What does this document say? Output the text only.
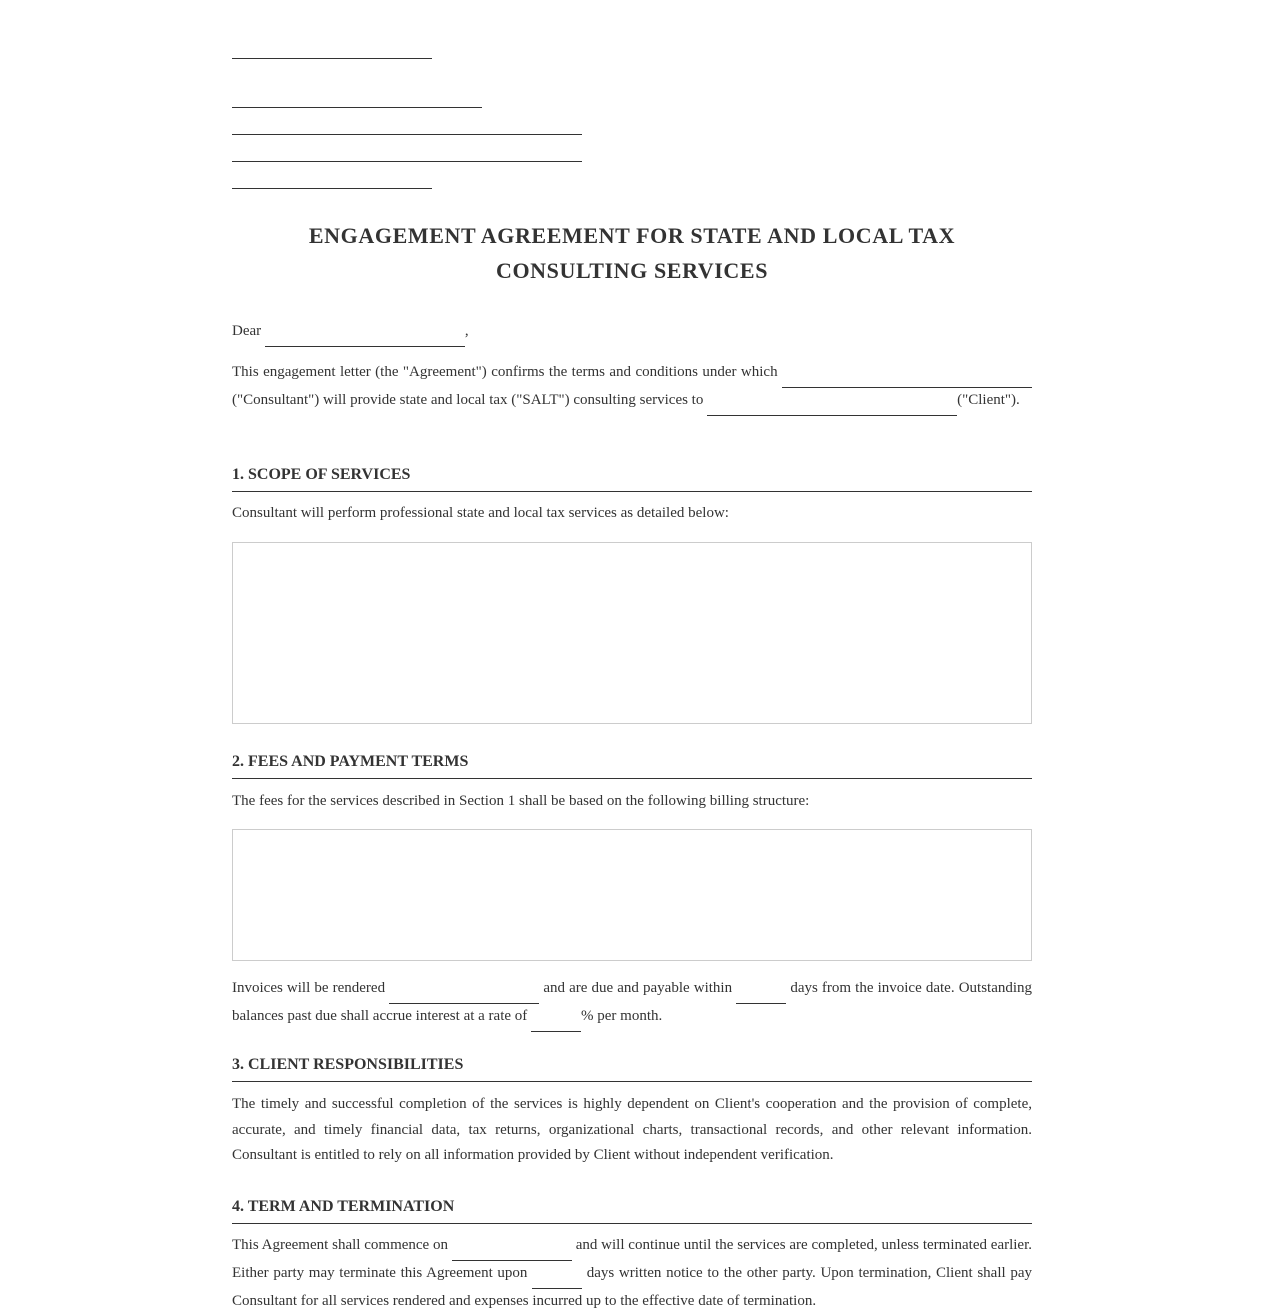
ENGAGEMENT AGREEMENT FOR STATE AND LOCAL TAX
CONSULTING SERVICES
Dear	,
This engagement letter (the "Agreement") confirms the terms and conditions under which  ("Consultant") will provide state and local tax ("SALT") consulting services to	("Client").
1. SCOPE OF SERVICES
Consultant will perform professional state and local tax services as detailed below:
2. FEES AND PAYMENT TERMS
The fees for the services described in Section 1 shall be based on the following billing structure:
Invoices will be rendered	and are due and payable within	days from the invoice date. Outstanding balances past due shall accrue interest at a rate of	% per month.
3. CLIENT RESPONSIBILITIES
The timely and successful completion of the services is highly dependent on Client's cooperation and the provision of complete, accurate, and timely financial data, tax returns, organizational charts, transactional records, and other relevant information. Consultant is entitled to rely on all information provided by Client without independent verification.
4. TERM AND TERMINATION
This Agreement shall commence on	and will continue until the services are completed, unless terminated earlier. Either party may terminate this Agreement upon	days written notice to the other party. Upon termination, Client shall pay Consultant for all services rendered and expenses incurred up to the effective date of termination.
